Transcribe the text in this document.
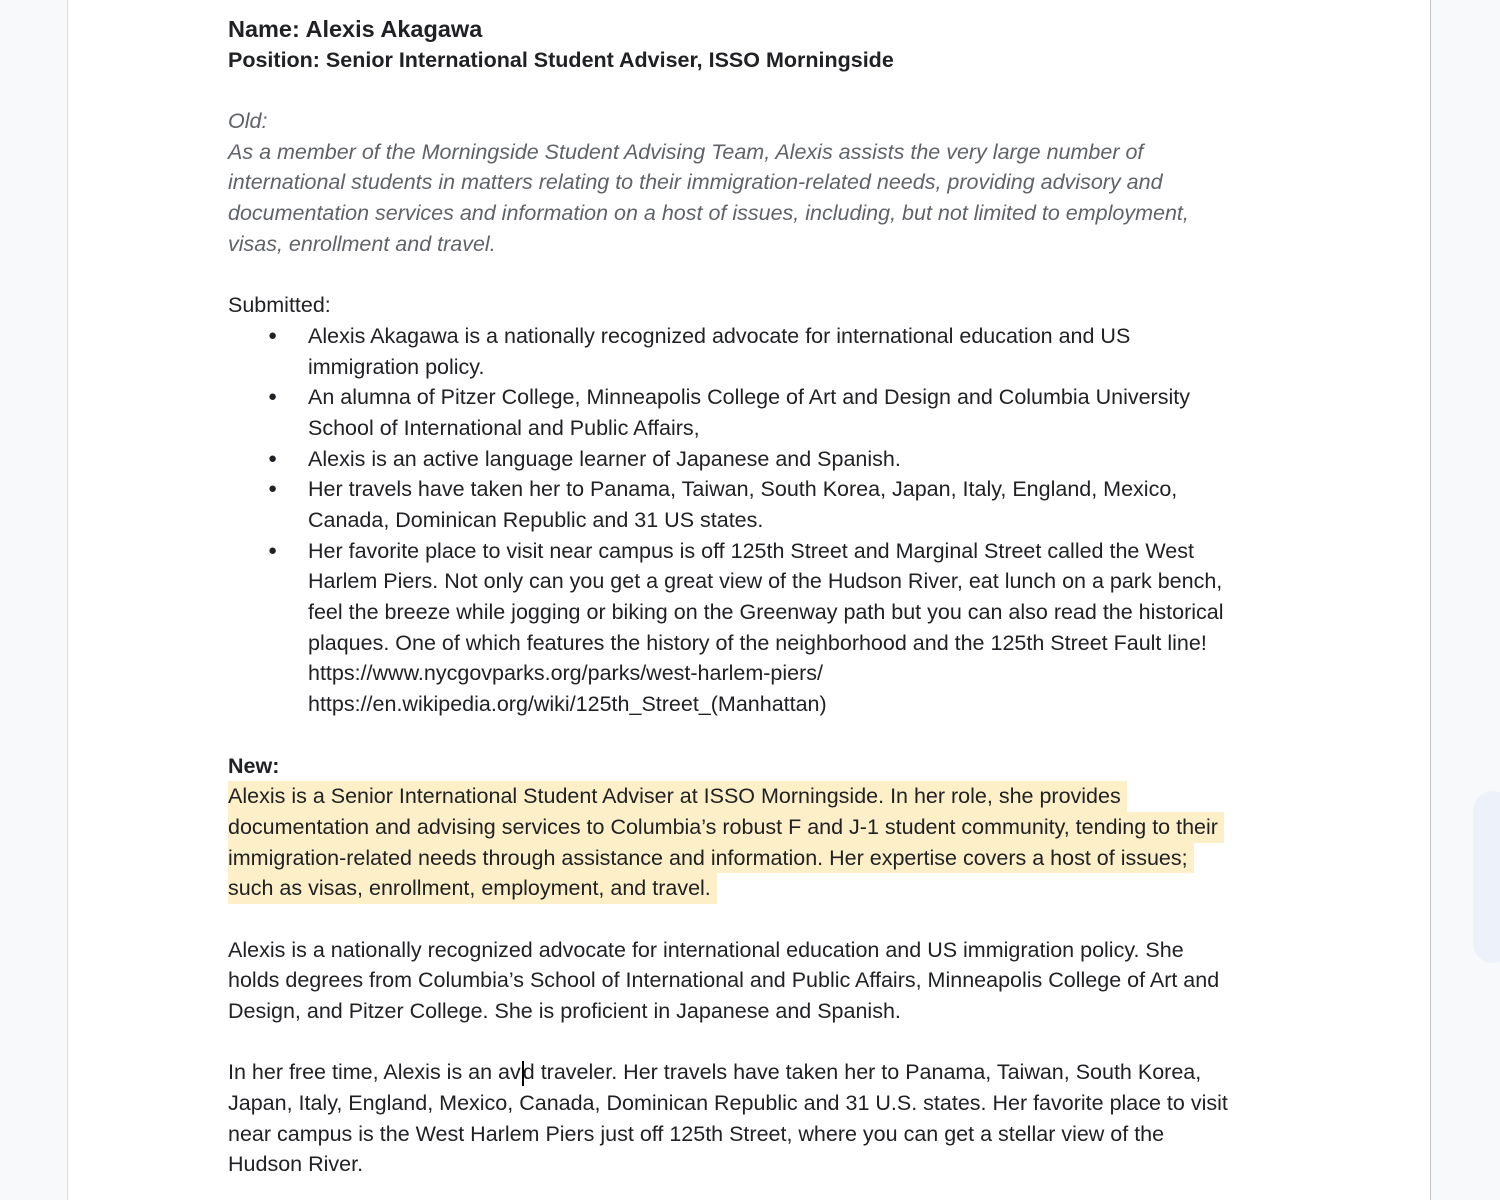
Name: Alexis Akagawa
Position: Senior International Student Adviser, ISSO Morningside
Old:
As a member of the Morningside Student Advising Team, Alexis assists the very large number of
international students in matters relating to their immigration-related needs, providing advisory and
documentation services and information on a host of issues, including, but not limited to employment,
visas, enrollment and travel.
Submitted:
● Alexis Akagawa is a nationally recognized advocate for international education and US
immigration policy.
● An alumna of Pitzer College, Minneapolis College of Art and Design and Columbia University
School of International and Public Affairs,
● Alexis is an active language learner of Japanese and Spanish.
● Her travels have taken her to Panama, Taiwan, South Korea, Japan, Italy, England, Mexico,
Canada, Dominican Republic and 31 US states.
● Her favorite place to visit near campus is off 125th Street and Marginal Street called the West
Harlem Piers. Not only can you get a great view of the Hudson River, eat lunch on a park bench,
feel the breeze while jogging or biking on the Greenway path but you can also read the historical
plaques. One of which features the history of the neighborhood and the 125th Street Fault line!
https://www.nycgovparks.org/parks/west-harlem-piers/
https://en.wikipedia.org/wiki/125th_Street_(Manhattan)
New:
Alexis is a Senior International Student Adviser at ISSO Morningside. In her role, she provides
documentation and advising services to Columbia’s robust F and J-1 student community, tending to their
immigration-related needs through assistance and information. Her expertise covers a host of issues;
such as visas, enrollment, employment, and travel.
Alexis is a nationally recognized advocate for international education and US immigration policy. She
holds degrees from Columbia’s School of International and Public Affairs, Minneapolis College of Art and
Design, and Pitzer College. She is proficient in Japanese and Spanish.
In her free time, Alexis is an avd traveler. Her travels have taken her to Panama, Taiwan, South Korea,
Japan, Italy, England, Mexico, Canada, Dominican Republic and 31 U.S. states. Her favorite place to visit
near campus is the West Harlem Piers just off 125th Street, where you can get a stellar view of the
Hudson River.
